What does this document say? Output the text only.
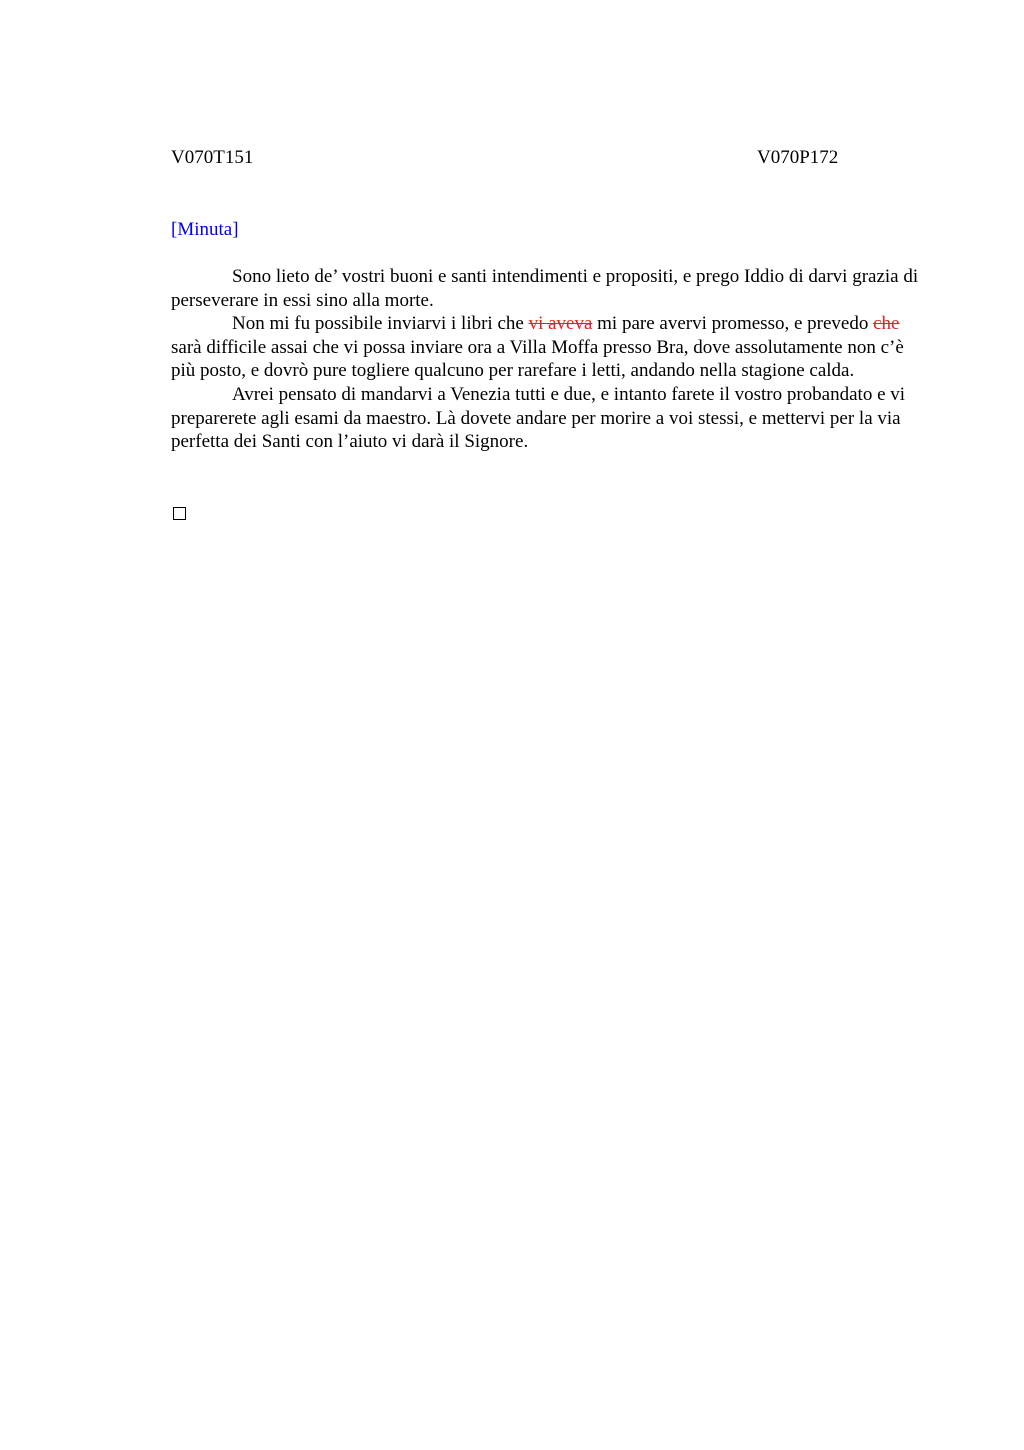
V070T151	V070P172
[Minuta]

Sono lieto de’ vostri buoni e santi intendimenti e propositi, e prego Iddio di darvi grazia di perseverare in essi sino alla morte.

Non mi fu possibile inviarvi i libri che vi aveva mi pare avervi promesso, e prevedo che sarà difficile assai che vi possa inviare ora a Villa Moffa presso Bra, dove assolutamente non c’è più posto, e dovrò pure togliere qualcuno per rarefare i letti, andando nella stagione calda.

Avrei pensato di mandarvi a Venezia tutti e due, e intanto farete il vostro probandato e vi preparerete agli esami da maestro. Là dovete andare per morire a voi stessi, e mettervi per la via perfetta dei Santi con l’aiuto vi darà il Signore.
